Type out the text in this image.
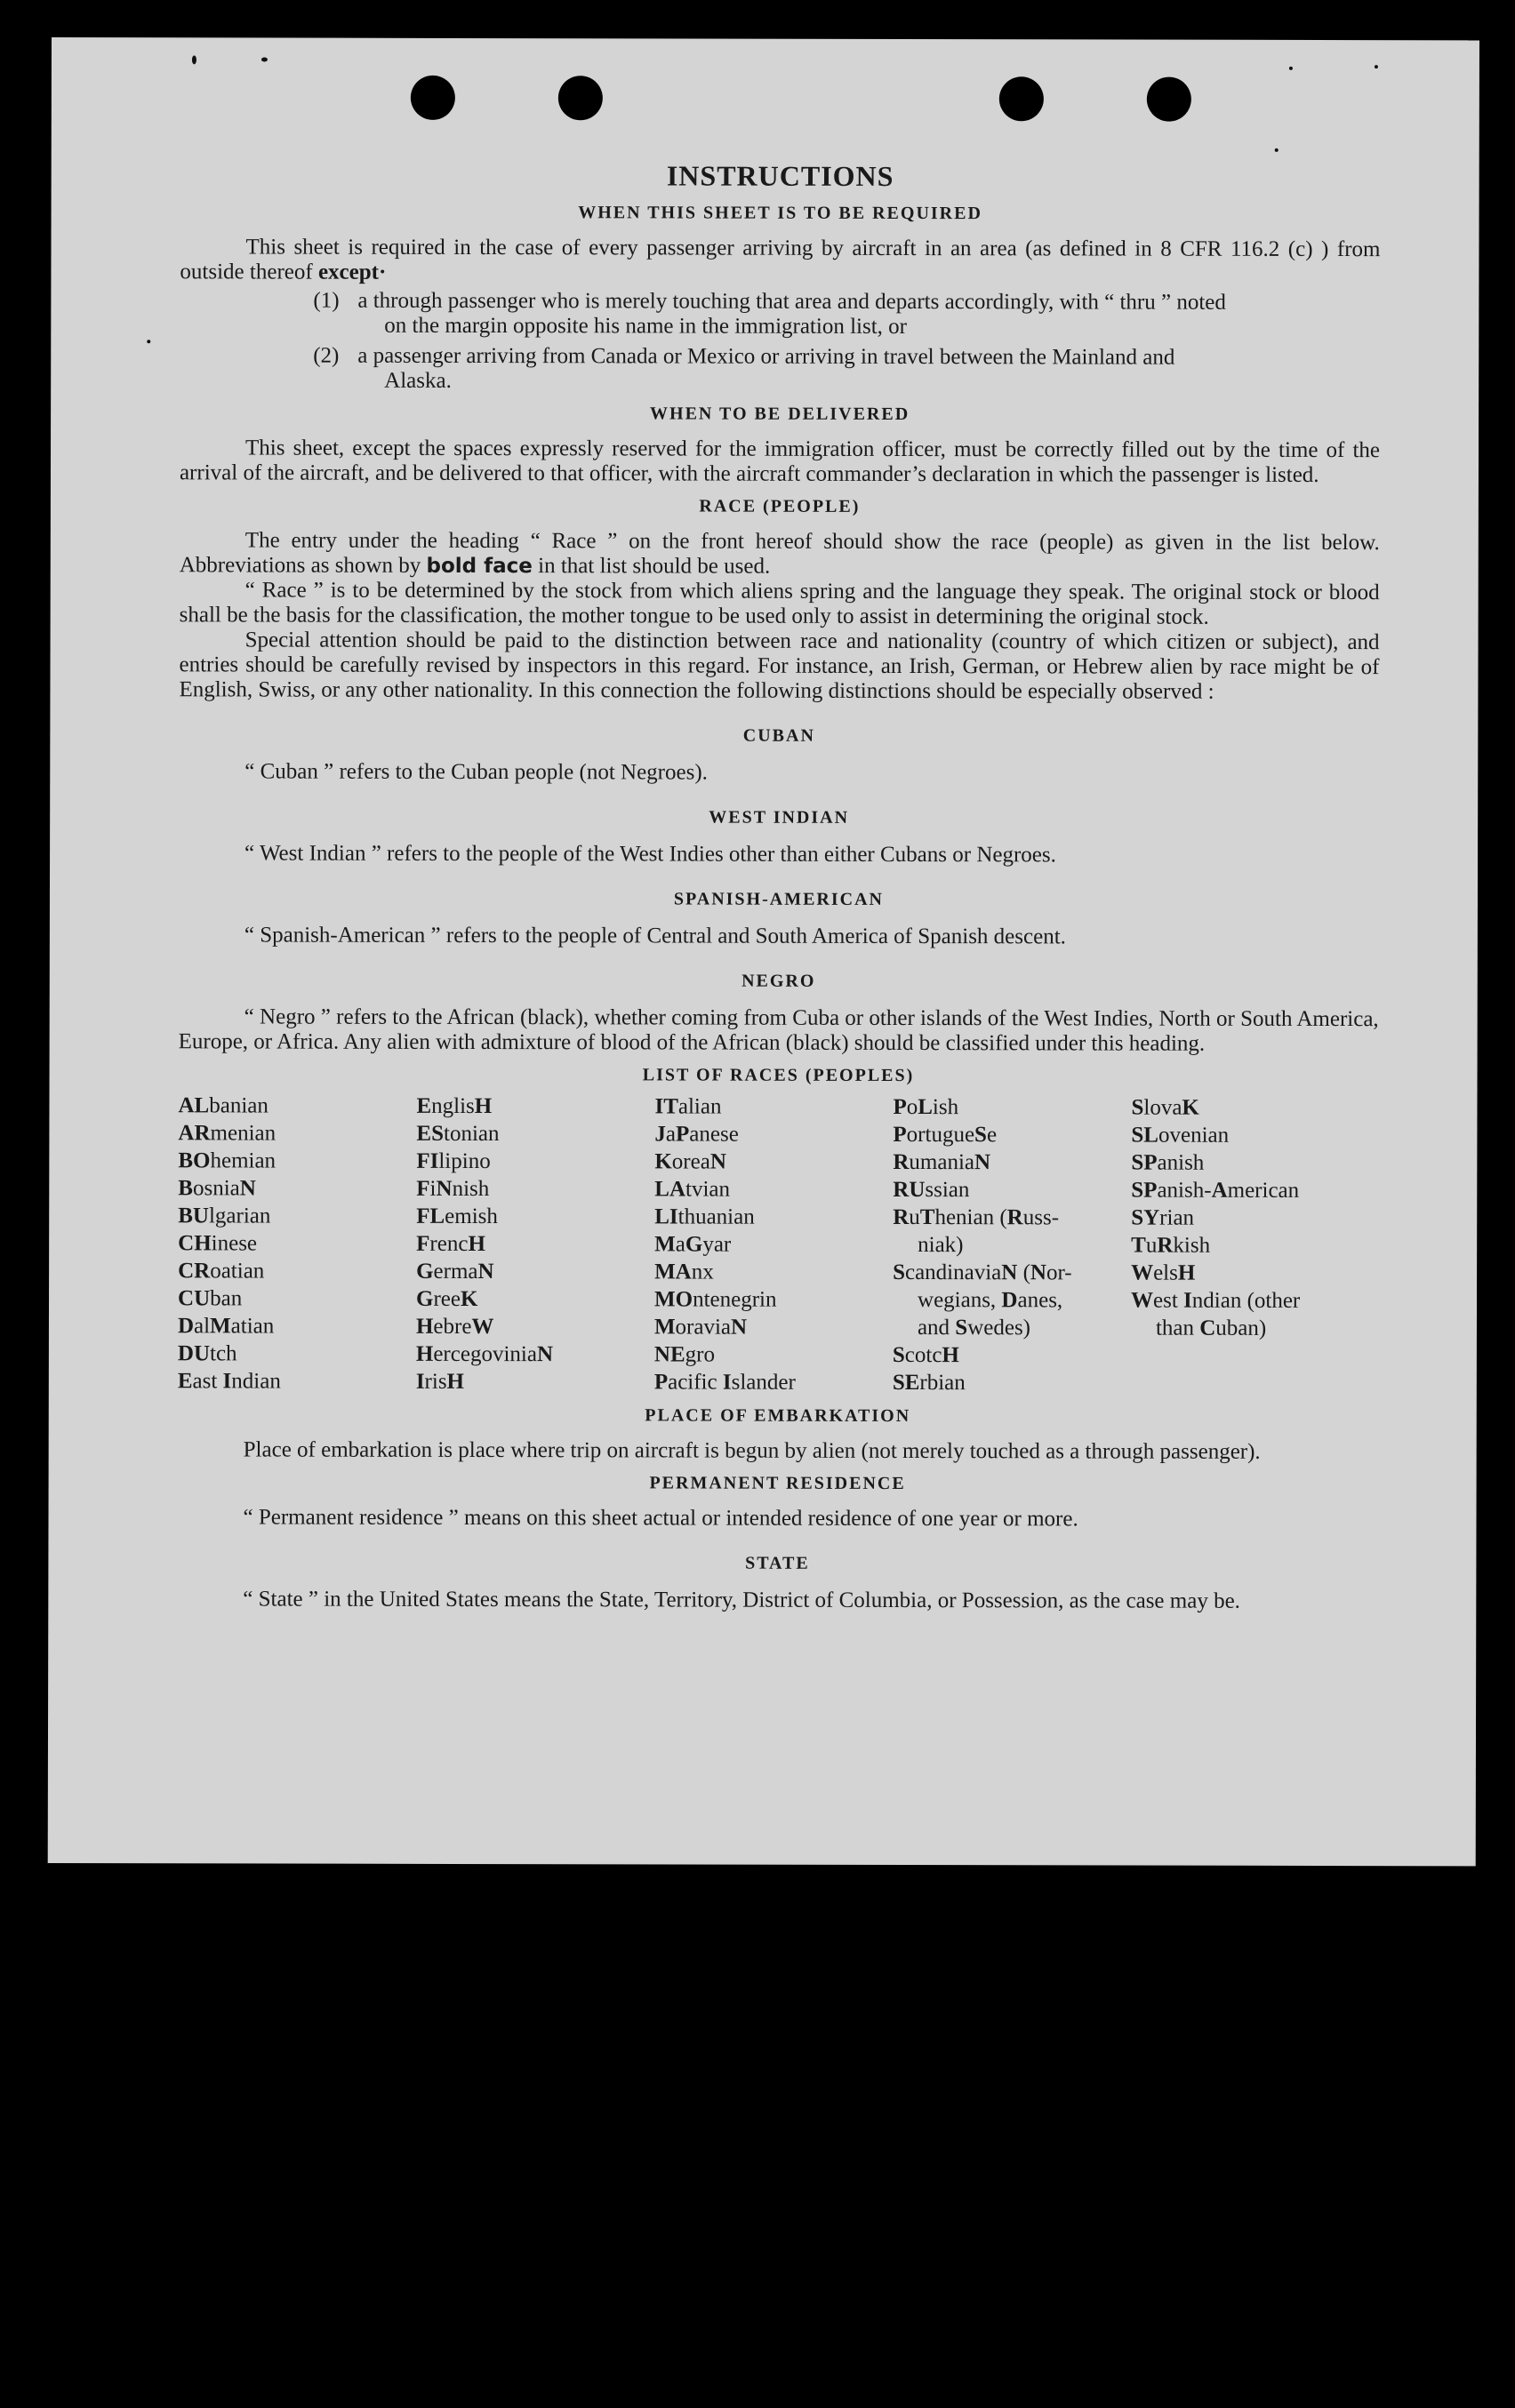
INSTRUCTIONS
WHEN THIS SHEET IS TO BE REQUIRED

This sheet is required in the case of every passenger arriving by aircraft in an area (as defined in 8 CFR 116.2 (c) ) from outside thereof except·

(1) a through passenger who is merely touching that area and departs accordingly, with “ thru ” noted
on the margin opposite his name in the immigration list, or
(2) a passenger arriving from Canada or Mexico or arriving in travel between the Mainland and
Alaska.
WHEN TO BE DELIVERED

This sheet, except the spaces expressly reserved for the immigration officer, must be correctly filled out by the time of the arrival of the aircraft, and be delivered to that officer, with the aircraft commander’s declaration in which the passenger is listed.

RACE (PEOPLE)

The entry under the heading “ Race ” on the front hereof should show the race (people) as given in the list below. Abbreviations as shown by bold face in that list should be used.

“ Race ” is to be determined by the stock from which aliens spring and the language they speak. The original stock or blood shall be the basis for the classification, the mother tongue to be used only to assist in determining the original stock.

Special attention should be paid to the distinction between race and nationality (country of which citizen or subject), and entries should be carefully revised by inspectors in this regard. For instance, an Irish, German, or Hebrew alien by race might be of English, Swiss, or any other nationality. In this connection the following distinctions should be especially observed :

CUBAN

“ Cuban ” refers to the Cuban people (not Negroes).

WEST INDIAN

“ West Indian ” refers to the people of the West Indies other than either Cubans or Negroes.

SPANISH-AMERICAN

“ Spanish-American ” refers to the people of Central and South America of Spanish descent.

NEGRO

“ Negro ” refers to the African (black), whether coming from Cuba or other islands of the West Indies, North or South America, Europe, or Africa. Any alien with admixture of blood of the African (black) should be classified under this heading.

LIST OF RACES (PEOPLES)
ALbanian
ARmenian
BOhemian
BosniaN
BUlgarian
CHinese
CRoatian
CUban
DalMatian
DUtch
East Indian
EnglisH
EStonian
FIlipino
FiNnish
FLemish
FrencH
GermaN
GreeK
HebreW
HercegoviniaN
IrisH
ITalian
JaPanese
KoreaN
LAtvian
LIthuanian
MaGyar
MAnx
MOntenegrin
MoraviaN
NEgro
Pacific Islander
PoLish
PortugueSe
RumaniaN
RUssian
RuThenian (Russ-
niak)
ScandinaviaN (Nor-
wegians, Danes,
and Swedes)
ScotcH
SErbian
SlovaK
SLovenian
SPanish
SPanish-American
SYrian
TuRkish
WelsH
West Indian (other
than Cuban)
PLACE OF EMBARKATION

Place of embarkation is place where trip on aircraft is begun by alien (not merely touched as a through passenger).

PERMANENT RESIDENCE

“ Permanent residence ” means on this sheet actual or intended residence of one year or more.

STATE

“ State ” in the United States means the State, Territory, District of Columbia, or Possession, as the case may be.
